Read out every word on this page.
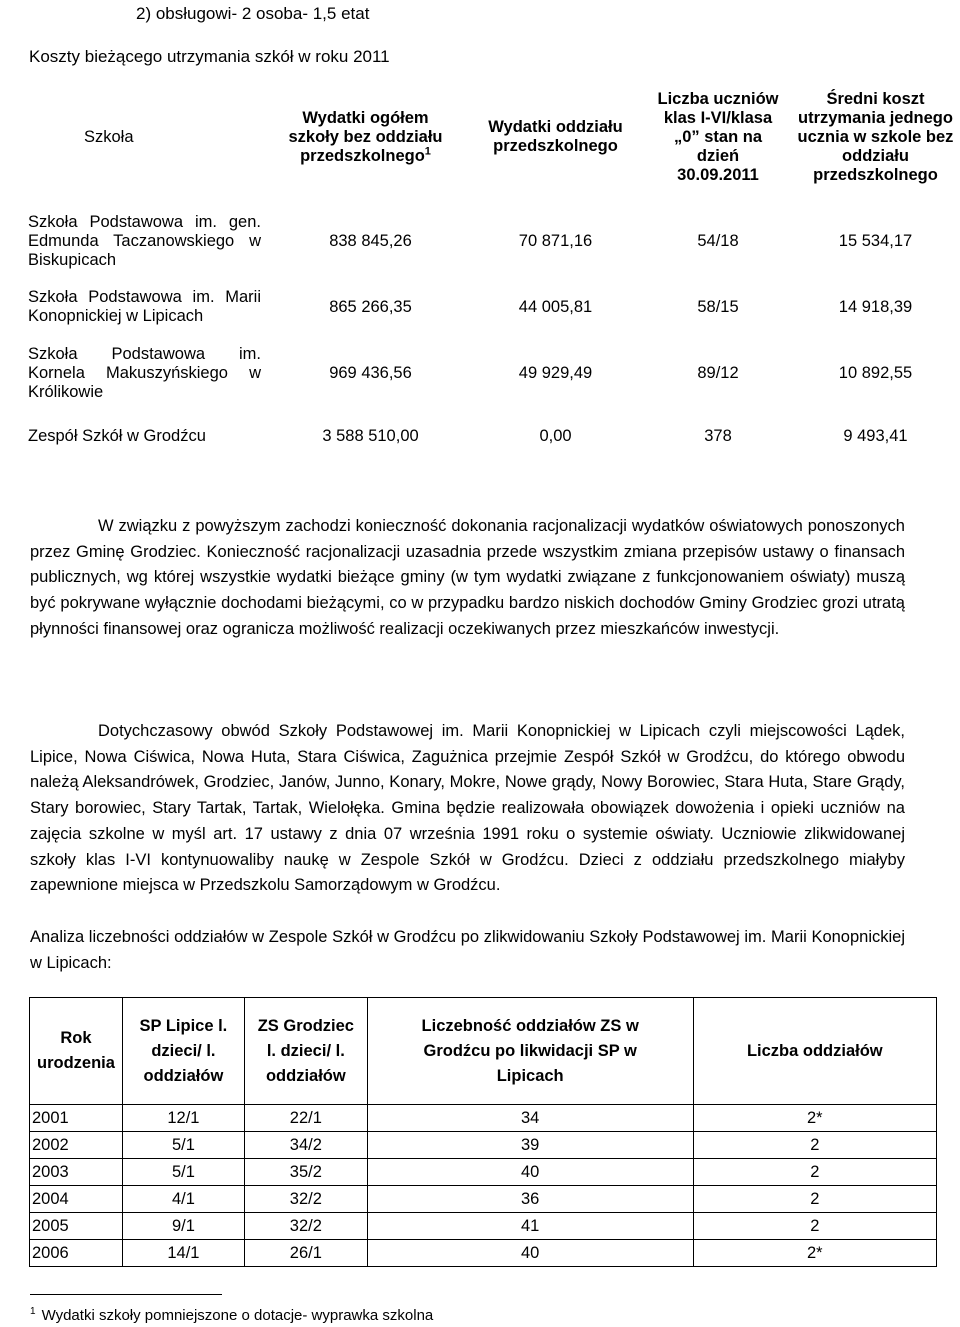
2) obsługowi- 2 osoba- 1,5 etat
Koszty bieżącego utrzymania szkół w roku 2011
Szkoła	Wydatki ogółem szkoły bez oddziału przedszkolnego$^1$	Wydatki oddziału przedszkolnego	Liczba uczniów klas I-VI/klasa „0” stan na dzień 30.09.2011	Średni koszt utrzymania jednego ucznia w szkole bez oddziału przedszkolnego
Szkoła Podstawowa im. gen. Edmunda Taczanowskiego w Biskupicach	838 845,26	70 871,16	54/18	15 534,17
Szkoła Podstawowa im. Marii Konopnickiej w Lipicach	865 266,35	44 005,81	58/15	14 918,39
Szkoła Podstawowa im. Kornela Makuszyńskiego w Królikowie	969 436,56	49 929,49	89/12	10 892,55
Zespół Szkół w Grodźcu	3 588 510,00	0,00	378	9 493,41

W związku z powyższym zachodzi konieczność dokonania racjonalizacji wydatków oświatowych ponoszonych przez Gminę Grodziec. Konieczność racjonalizacji uzasadnia przede wszystkim zmiana przepisów ustawy o finansach publicznych, wg której wszystkie wydatki bieżące gminy (w tym wydatki związane z funkcjonowaniem oświaty) muszą być pokrywane wyłącznie dochodami bieżącymi, co w przypadku bardzo niskich dochodów Gminy Grodziec grozi utratą płynności finansowej oraz ogranicza możliwość realizacji oczekiwanych przez mieszkańców inwestycji.

Dotychczasowy obwód Szkoły Podstawowej im. Marii Konopnickiej w Lipicach czyli miejscowości Lądek, Lipice, Nowa Ciświca, Nowa Huta, Stara Ciświca, Zagużnica przejmie Zespół Szkół w Grodźcu, do którego obwodu należą Aleksandrówek, Grodziec, Janów, Junno, Konary, Mokre, Nowe grądy, Nowy Borowiec, Stara Huta, Stare Grądy, Stary borowiec, Stary Tartak, Tartak, Wielołęka. Gmina będzie realizowała obowiązek dowożenia i opieki uczniów na zajęcia szkolne w myśl art. 17 ustawy z dnia 07 września 1991 roku o systemie oświaty. Uczniowie zlikwidowanej szkoły klas I-VI kontynuowaliby naukę w Zespole Szkół w Grodźcu. Dzieci z oddziału przedszkolnego miałyby zapewnione miejsca w Przedszkolu Samorządowym w Grodźcu.

Analiza liczebności oddziałów w Zespole Szkół w Grodźcu po zlikwidowaniu Szkoły Podstawowej im. Marii Konopnickiej w Lipicach:

Rok urodzenia	SP Lipice l. dzieci/ l. oddziałów	ZS Grodziec l. dzieci/ l. oddziałów	Liczebność oddziałów ZS w Grodźcu po likwidacji SP w Lipicach	Liczba oddziałów
2001	12/1	22/1	34	2*
2002	5/1	34/2	39	2
2003	5/1	35/2	40	2
2004	4/1	32/2	36	2
2005	9/1	32/2	41	2
2006	14/1	26/1	40	2*
$^1$ Wydatki szkoły pomniejszone o dotacje- wyprawka szkolna
